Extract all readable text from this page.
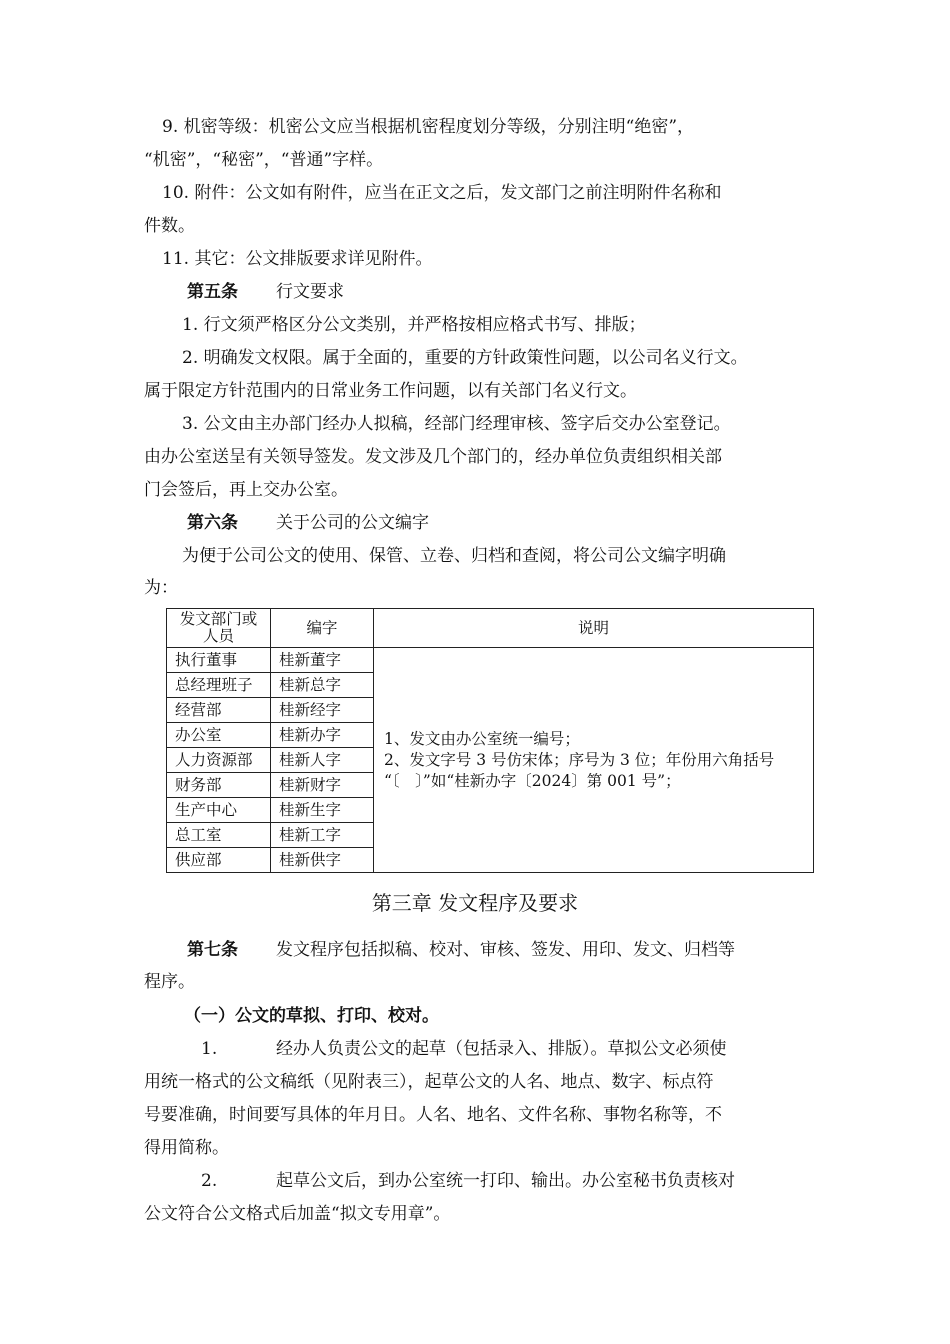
9. 机密等级：机密公文应当根据机密程度划分等级，分别注明“绝密”，
“机密”，“秘密”，“普通”字样。
10. 附件：公文如有附件，应当在正文之后，发文部门之前注明附件名称和
件数。
11. 其它：公文排版要求详见附件。
第五条 行文要求
1. 行文须严格区分公文类别，并严格按相应格式书写、排版；
2. 明确发文权限。属于全面的，重要的方针政策性问题，以公司名义行文。
属于限定方针范围内的日常业务工作问题，以有关部门名义行文。
3. 公文由主办部门经办人拟稿，经部门经理审核、签字后交办公室登记。
由办公室送呈有关领导签发。发文涉及几个部门的，经办单位负责组织相关部
门会签后，再上交办公室。
第六条 关于公司的公文编字
为便于公司公文的使用、保管、立卷、归档和查阅，将公司公文编字明确
为：
发文部门或人员	编字	说明
执行董事	桂新董字	1、发文由办公室统一编号；
2、发文字号 3 号仿宋体；序号为 3 位；年份用六角括号
“〔　〕”如“桂新办字〔2024〕第 001 号”；

总经理班子	桂新总字	
经营部	桂新经字	
办公室	桂新办字	
人力资源部	桂新人字	
财务部	桂新财字	
生产中心	桂新生字	
总工室	桂新工字	
供应部	桂新供字	
第三章 发文程序及要求
第七条 发文程序包括拟稿、校对、审核、签发、用印、发文、归档等
程序。
（一）公文的草拟、打印、校对。
1.	经办人负责公文的起草（包括录入、排版）。草拟公文必须使
用统一格式的公文稿纸（见附表三），起草公文的人名、地点、数字、标点符
号要准确，时间要写具体的年月日。人名、地名、文件名称、事物名称等，不
得用简称。
2.	起草公文后，到办公室统一打印、输出。办公室秘书负责核对
公文符合公文格式后加盖“拟文专用章”。
